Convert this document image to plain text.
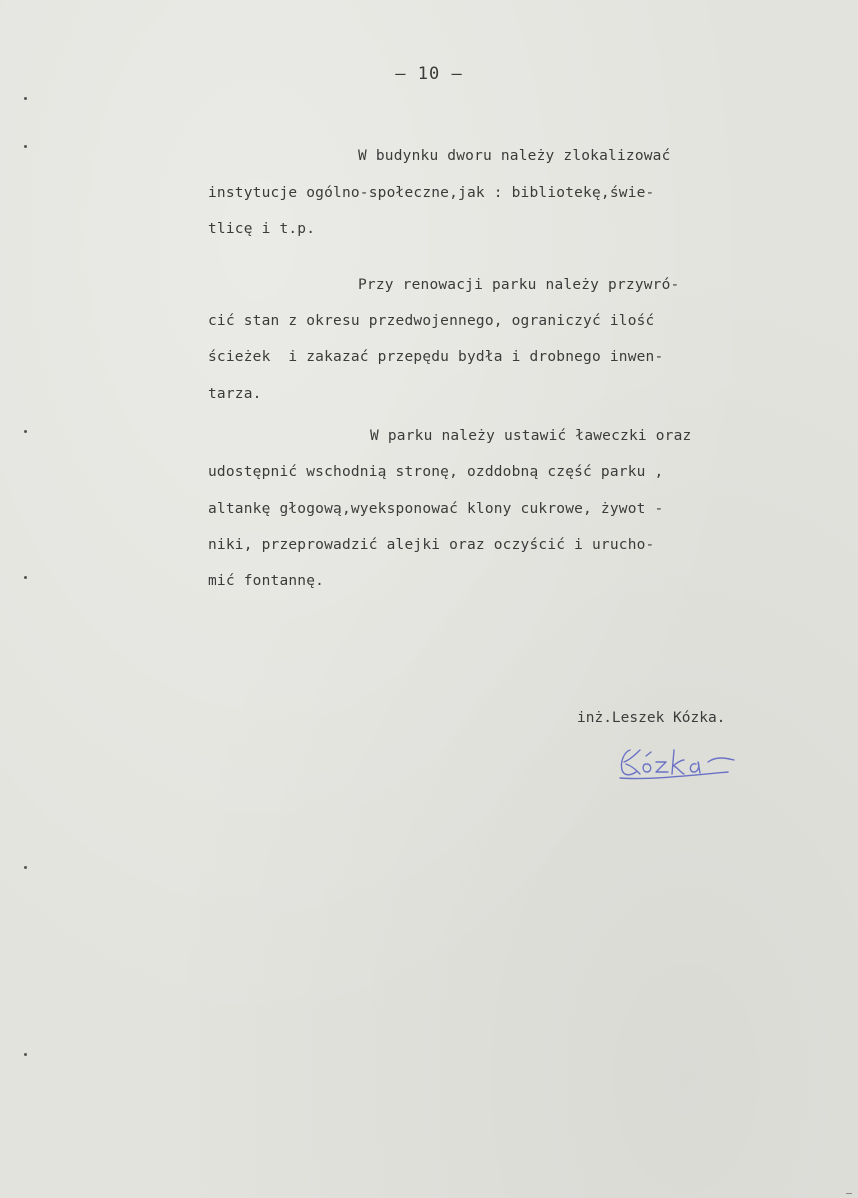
— 10 —
W budynku dworu należy zlokalizować
instytucje ogólno-społeczne,jak : bibliotekę,świe-
tlicę i t.p.
Przy renowacji parku należy przywró-
cić stan z okresu przedwojennego, ograniczyć ilość
ścieżek  i zakazać przepędu bydła i drobnego inwen-
tarza.
W parku należy ustawić ławeczki oraz
udostępnić wschodnią stronę, ozddobną część parku ,
altankę głogową,wyeksponować klony cukrowe, żywot -
niki, przeprowadzić alejki oraz oczyścić i urucho-
mić fontannę.
inż.Leszek Kózka.
